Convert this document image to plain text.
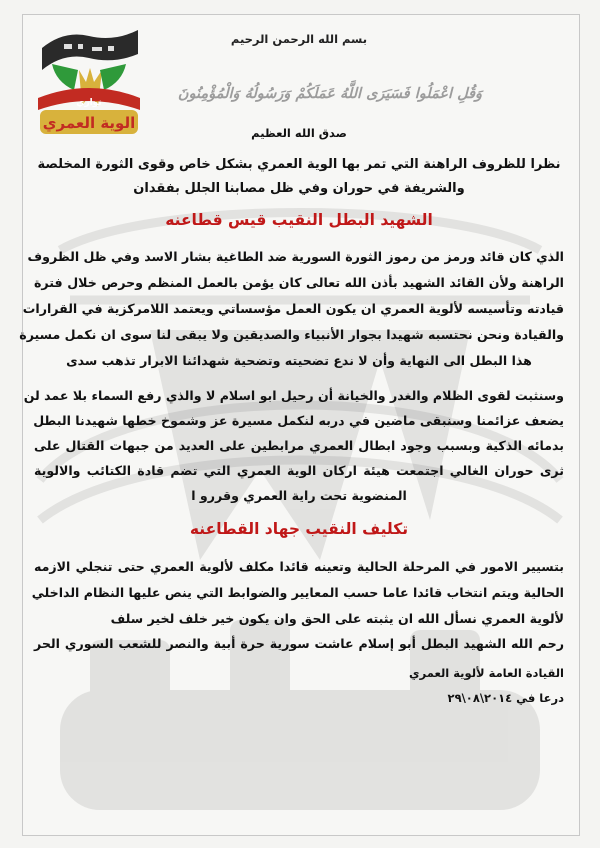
نواري
الوية العمري
بسم الله الرحمن الرحيم
وَقُلِ اعْمَلُوا فَسَيَرَى اللَّهُ عَمَلَكُمْ وَرَسُولُهُ وَالْمُؤْمِنُونَ
صدق الله العظيم
نظرا للظروف الراهنة التي تمر بها الوية العمري بشكل خاص وقوى الثورة المخلصة
والشريفة في حوران وفي ظل مصابنا الجلل بفقدان
الشهيد البطل النقيب قيس قطاعنه
الذي كان قائد ورمز من رموز الثورة السورية ضد الطاغية بشار الاسد وفي ظل الظروف
الراهنة ولأن القائد الشهيد بأذن الله تعالى كان يؤمن بالعمل المنظم وحرص خلال فترة
قيادته وتأسيسه لألوية العمري ان يكون العمل مؤسساتي ويعتمد اللامركزية في القرارات
والقيادة ونحن نحتسبه شهيدا بجوار الأنبياء والصديقين ولا يبقى لنا سوى ان نكمل مسيرة
هذا البطل الى النهاية وأن لا ندع تضحيته وتضحية شهدائنا الابرار تذهب سدى
وسنثبت لقوى الظلام والغدر والخيانة أن رحيل ابو اسلام لا والذي رفع السماء بلا عمد لن
يضعف عزائمنا وسنبقى ماضين في دربه لنكمل مسيرة عز وشموخ خطها شهيدنا البطل
بدمائه الذكية وبسبب وجود ابطال العمري مرابطين على العديد من جبهات القتال على
ثرى حوران الغالي اجتمعت هيئة اركان الوية العمري التي تضم قادة الكتائب والالوية
المنضوية تحت راية العمري وقررو ا
تكليف النقيب جهاد القطاعنه
بتسيير الامور في المرحلة الحالية وتعينه قائدا مكلف لألوية العمري حتى تنجلي الازمه
الحالية ويتم انتخاب قائدا عاما حسب المعايير والضوابط التي ينص عليها النظام الداخلي
لألوية العمري نسأل الله ان يثبته على الحق وان يكون خير خلف لخير سلف
رحم الله الشهيد البطل أبو إسلام عاشت سورية حرة أبية والنصر للشعب السوري الحر
القيادة العامة لألوية العمري
درعا في ٢٠١٤\٠٨\٢٩
